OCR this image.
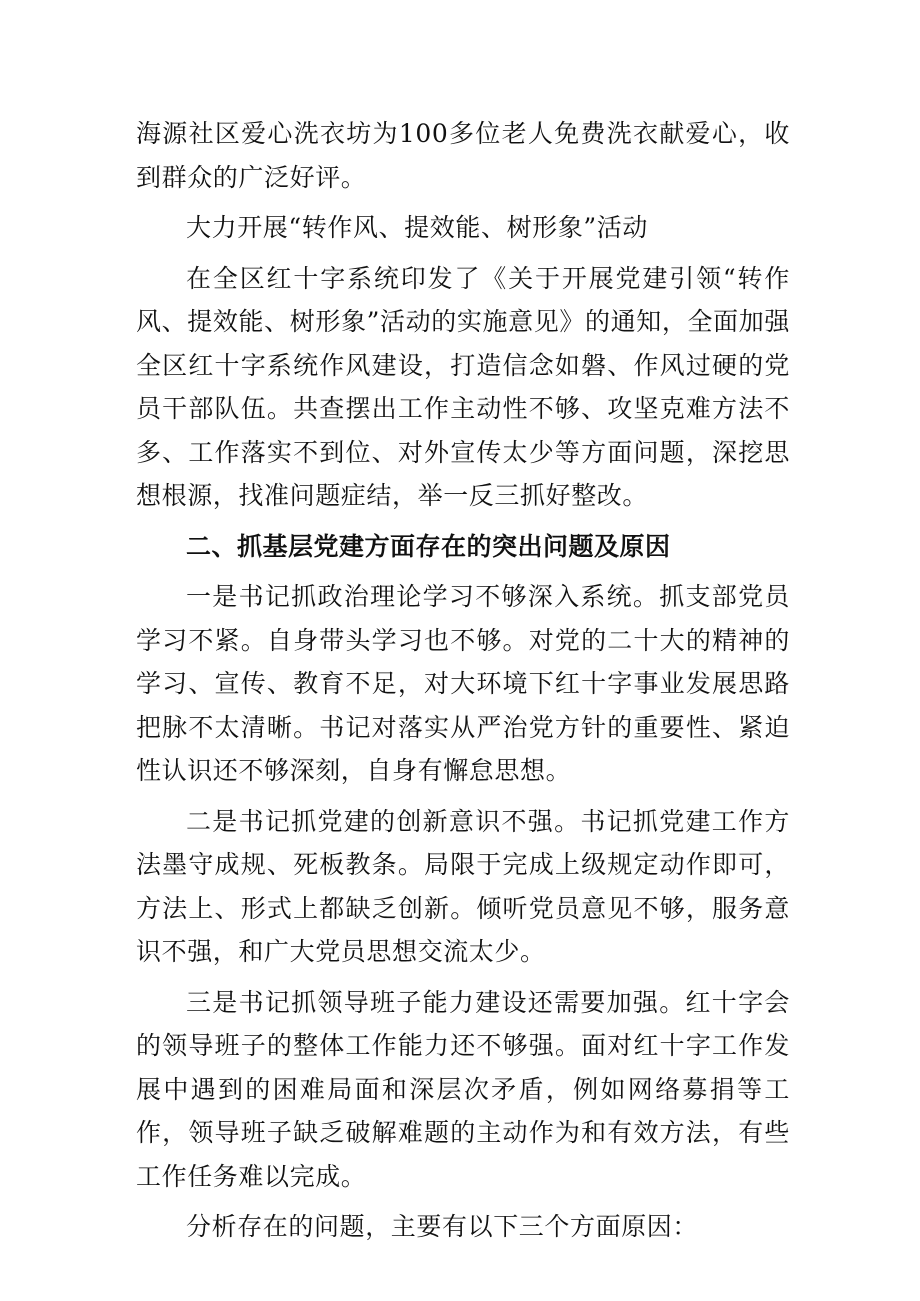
海源社区爱心洗衣坊为100多位老人免费洗衣献爱心，收到群众的广泛好评。

大力开展“转作风、提效能、树形象”活动

在全区红十字系统印发了《关于开展党建引领“转作风、提效能、树形象”活动的实施意见》的通知，全面加强全区红十字系统作风建设，打造信念如磐、作风过硬的党员干部队伍。共查摆出工作主动性不够、攻坚克难方法不多、工作落实不到位、对外宣传太少等方面问题，深挖思想根源，找准问题症结，举一反三抓好整改。

二、抓基层党建方面存在的突出问题及原因

一是书记抓政治理论学习不够深入系统。抓支部党员学习不紧。自身带头学习也不够。对党的二十大的精神的学习、宣传、教育不足，对大环境下红十字事业发展思路把脉不太清晰。书记对落实从严治党方针的重要性、紧迫性认识还不够深刻，自身有懈怠思想。

二是书记抓党建的创新意识不强。书记抓党建工作方法墨守成规、死板教条。局限于完成上级规定动作即可，方法上、形式上都缺乏创新。倾听党员意见不够，服务意识不强，和广大党员思想交流太少。

三是书记抓领导班子能力建设还需要加强。红十字会的领导班子的整体工作能力还不够强。面对红十字工作发展中遇到的困难局面和深层次矛盾，例如网络募捐等工作，领导班子缺乏破解难题的主动作为和有效方法，有些工作任务难以完成。

分析存在的问题，主要有以下三个方面原因：
